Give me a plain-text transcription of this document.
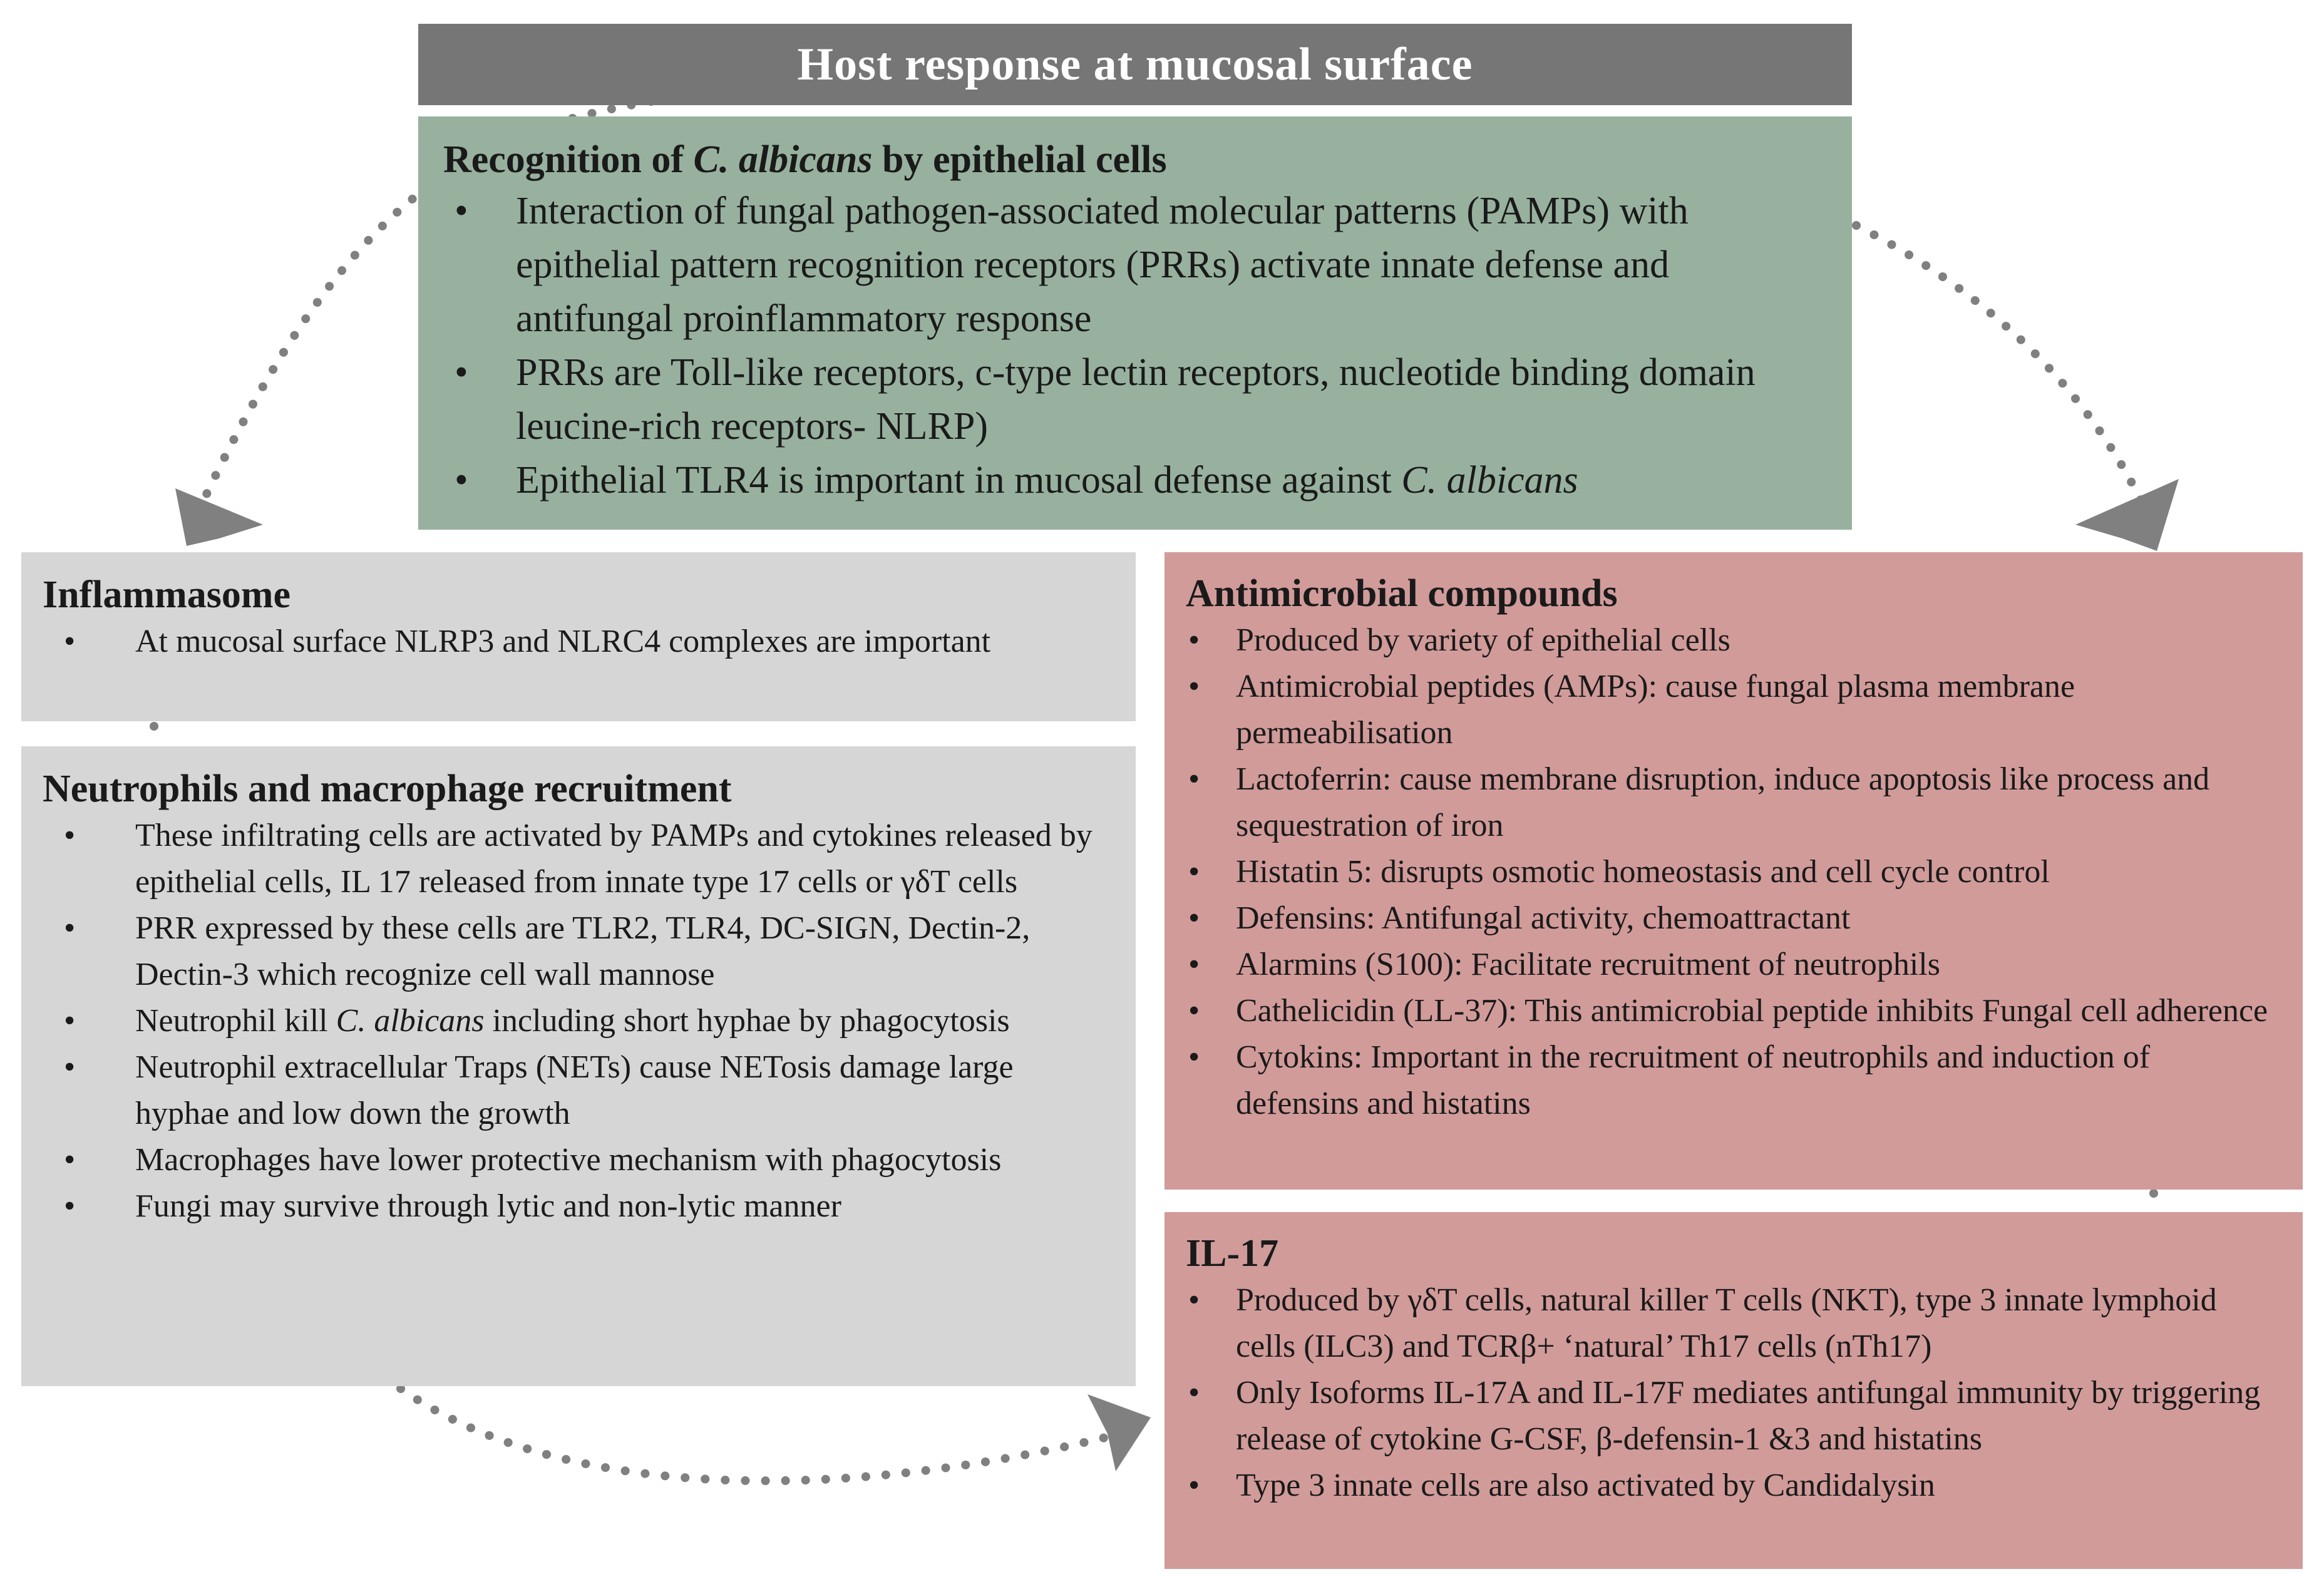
Host response at mucosal surface

Recognition of C. albicans by epithelial cells

• Interaction of fungal pathogen-associated molecular patterns (PAMPs) with epithelial pattern recognition receptors (PRRs) activate innate defense and antifungal proinflammatory response
• PRRs are Toll-like receptors, c-type lectin receptors, nucleotide binding domain leucine-rich receptors- NLRP)
• Epithelial TLR4 is important in mucosal defense against C. albicans

Inflammasome

• At mucosal surface NLRP3 and NLRC4 complexes are important

Neutrophils and macrophage recruitment

• These infiltrating cells are activated by PAMPs and cytokines released by epithelial cells, IL 17 released from innate type 17 cells or γδT cells
• PRR expressed by these cells are TLR2, TLR4, DC-SIGN, Dectin-2, Dectin-3 which recognize cell wall mannose
• Neutrophil kill C. albicans including short hyphae by phagocytosis
• Neutrophil extracellular Traps (NETs) cause NETosis damage large hyphae and low down the growth
• Macrophages have lower protective mechanism with phagocytosis
• Fungi may survive through lytic and non-lytic manner

Antimicrobial compounds

• Produced by variety of epithelial cells
• Antimicrobial peptides (AMPs): cause fungal plasma membrane permeabilisation
• Lactoferrin: cause membrane disruption, induce apoptosis like process and sequestration of iron
• Histatin 5: disrupts osmotic homeostasis and cell cycle control
• Defensins: Antifungal activity, chemoattractant
• Alarmins (S100): Facilitate recruitment of neutrophils
• Cathelicidin (LL-37): This antimicrobial peptide inhibits Fungal cell adherence
• Cytokins: Important in the recruitment of neutrophils and induction of defensins and histatins

IL-17

• Produced by γδT cells, natural killer T cells (NKT), type 3 innate lymphoid cells (ILC3) and TCRβ+ ‘natural’ Th17 cells (nTh17)
• Only Isoforms IL-17A and IL-17F mediates antifungal immunity by triggering release of cytokine G-CSF, β-defensin-1 &3 and histatins
• Type 3 innate cells are also activated by Candidalysin
